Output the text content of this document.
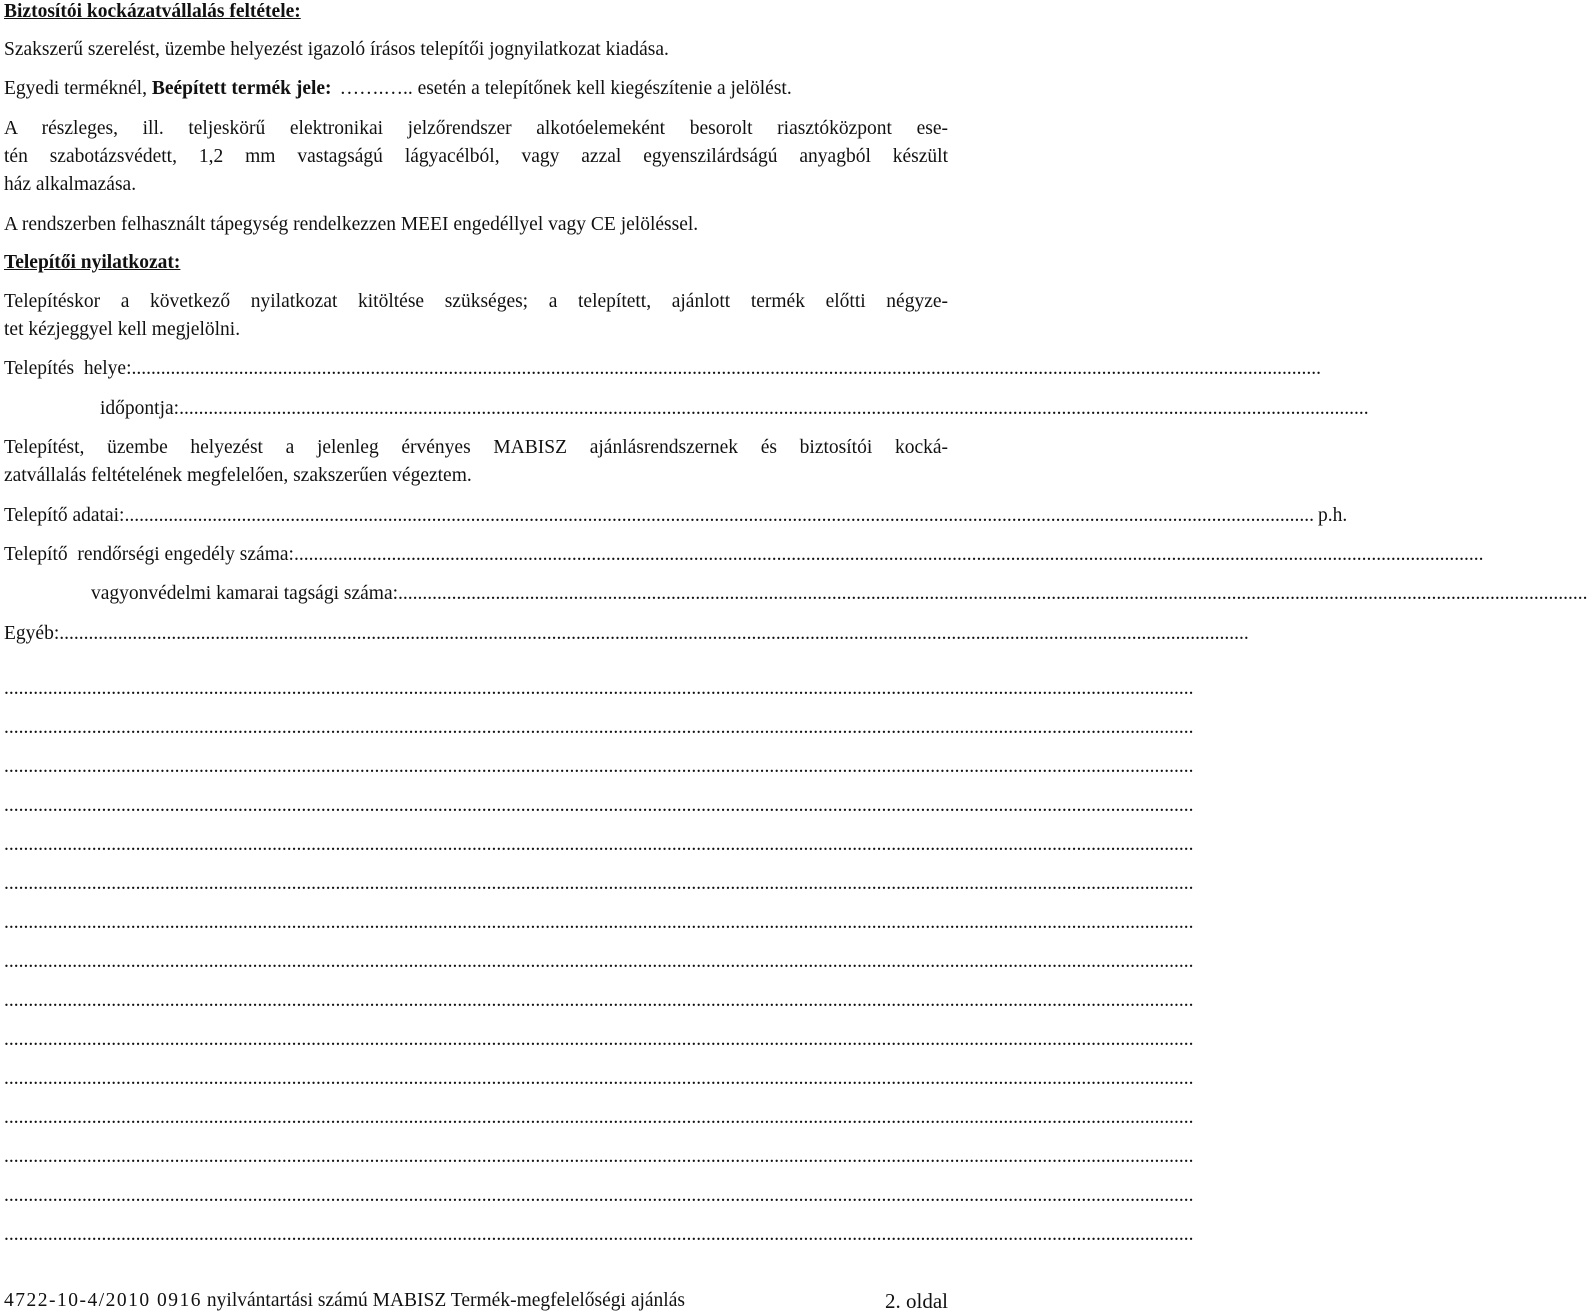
Biztosítói kockázatvállalás feltétele:
Szakszerű szerelést, üzembe helyezést igazoló írásos telepítői jognyilatkozat kiadása.
Egyedi terméknél, Beépített termék jele: …….….. esetén a telepítőnek kell kiegészítenie a jelölést.
A részleges, ill. teljeskörű elektronikai jelzőrendszer alkotóelemeként besorolt riasztóközpont ese-
tén szabotázsvédett, 1,2 mm vastagságú lágyacélból, vagy azzal egyenszilárdságú anyagból készült
ház alkalmazása.
A rendszerben felhasznált tápegység rendelkezzen MEEI engedéllyel vagy CE jelöléssel.
Telepítői nyilatkozat:
Telepítéskor a következő nyilatkozat kitöltése szükséges; a telepített, ajánlott termék előtti négyze-
tet kézjeggyel kell megjelölni.
Telepítés  helye: ....................................................................................................................................................................................................................................................
időpontja: ....................................................................................................................................................................................................................................................
Telepítést, üzembe helyezést a jelenleg érvényes MABISZ ajánlásrendszernek és biztosítói kocká-
zatvállalás feltételének megfelelően, szakszerűen végeztem.
Telepítő adatai: .................................................................................................................................................................................................................................................... p.h.
Telepítő  rendőrségi engedély száma: ....................................................................................................................................................................................................................................................
vagyonvédelmi kamarai tagsági száma: ....................................................................................................................................................................................................................................................
Egyéb: ....................................................................................................................................................................................................................................................
....................................................................................................................................................................................................................................................
....................................................................................................................................................................................................................................................
....................................................................................................................................................................................................................................................
....................................................................................................................................................................................................................................................
....................................................................................................................................................................................................................................................
....................................................................................................................................................................................................................................................
....................................................................................................................................................................................................................................................
....................................................................................................................................................................................................................................................
....................................................................................................................................................................................................................................................
....................................................................................................................................................................................................................................................
....................................................................................................................................................................................................................................................
....................................................................................................................................................................................................................................................
....................................................................................................................................................................................................................................................
....................................................................................................................................................................................................................................................
....................................................................................................................................................................................................................................................
4722-10-4/2010 0916 nyilvántartási számú MABISZ Termék-megfelelőségi ajánlás	2. oldal
